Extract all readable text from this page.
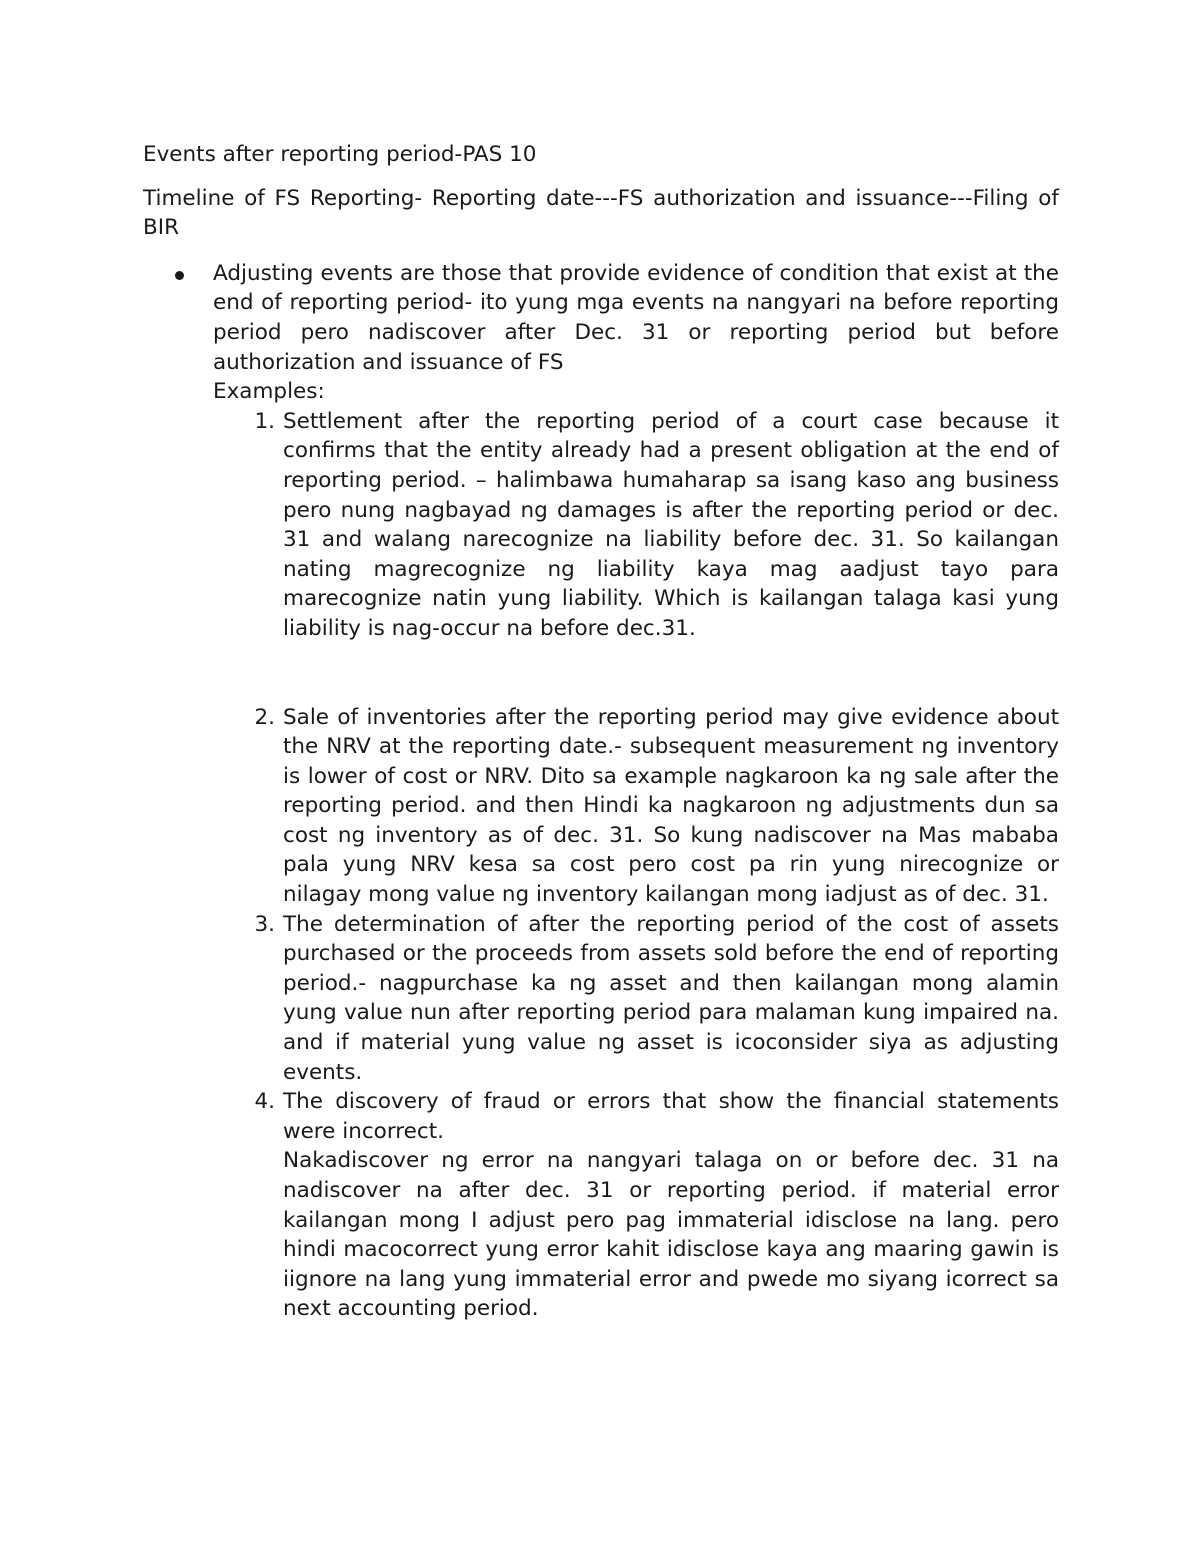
Events after reporting period-PAS 10

Timeline of FS Reporting- Reporting date---FS authorization and issuance---Filing of BIR

Adjusting events are those that provide evidence of condition that exist at the end of reporting period- ito yung mga events na nangyari na before reporting period pero nadiscover after Dec. 31 or reporting period but before authorization and issuance of FS
Examples:
1. Settlement after the reporting period of a court case because it confirms that the entity already had a present obligation at the end of reporting period. – halimbawa humaharap sa isang kaso ang business pero nung nagbayad ng damages is after the reporting period or dec. 31 and walang narecognize na liability before dec. 31. So kailangan nating magrecognize ng liability kaya mag aadjust tayo para marecognize natin yung liability. Which is kailangan talaga kasi yung liability is nag-occur na before dec.31.
2. Sale of inventories after the reporting period may give evidence about the NRV at the reporting date.- subsequent measurement ng inventory is lower of cost or NRV. Dito sa example nagkaroon ka ng sale after the reporting period. and then Hindi ka nagkaroon ng adjustments dun sa cost ng inventory as of dec. 31. So kung nadiscover na Mas mababa pala yung NRV kesa sa cost pero cost pa rin yung nirecognize or nilagay mong value ng inventory kailangan mong iadjust as of dec. 31.
3. The determination of after the reporting period of the cost of assets purchased or the proceeds from assets sold before the end of reporting period.- nagpurchase ka ng asset and then kailangan mong alamin yung value nun after reporting period para malaman kung impaired na. and if material yung value ng asset is icoconsider siya as adjusting events.
4. The discovery of fraud or errors that show the financial statements were incorrect.
Nakadiscover ng error na nangyari talaga on or before dec. 31 na nadiscover na after dec. 31 or reporting period. if material error kailangan mong I adjust pero pag immaterial idisclose na lang. pero hindi macocorrect yung error kahit idisclose kaya ang maaring gawin is iignore na lang yung immaterial error and pwede mo siyang icorrect sa next accounting period.
